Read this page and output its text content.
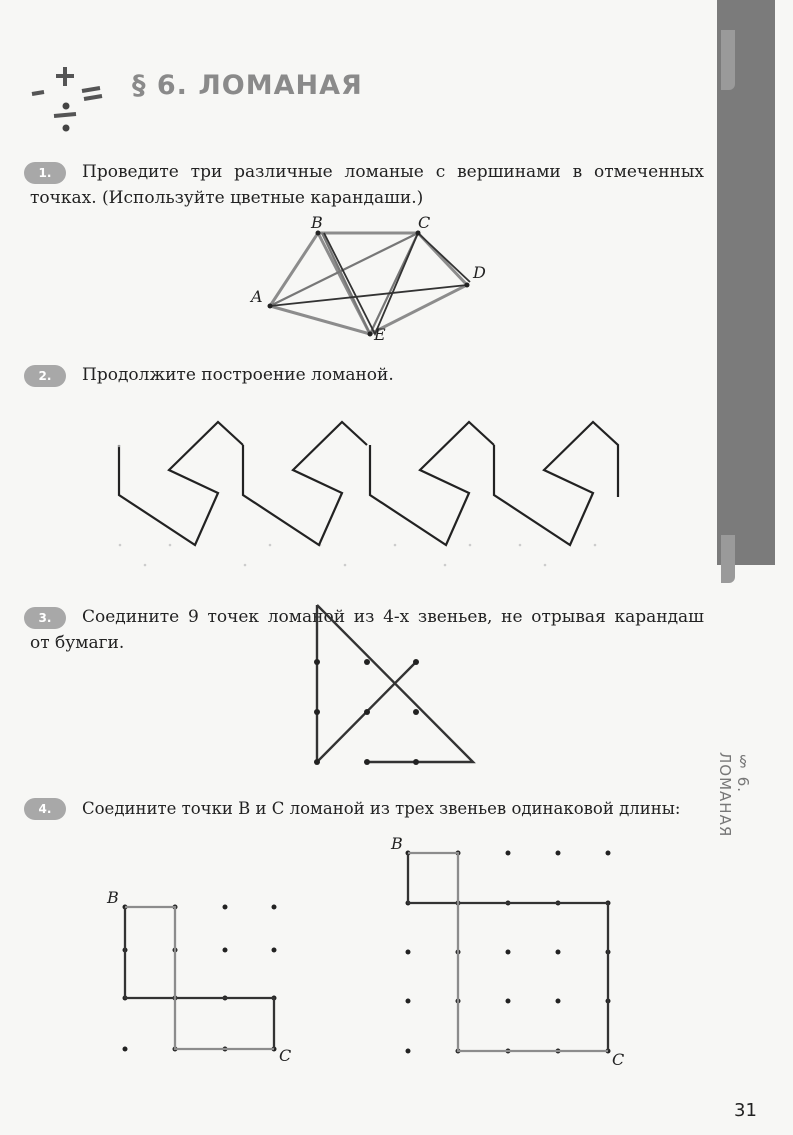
§ 6. ЛОМАНАЯ
§ 6. ЛОМАНАЯ
1.	Проведите три различные ломаные с вершинами в отмеченных
точках. (Используйте цветные карандаши.)
A
B	C
D
E
2.	Продолжите построение ломаной.
3.	Соедините 9 точек ломаной из 4-х звеньев, не отрывая карандаш
от бумаги.
4.	Соедините точки B и C ломаной из трех звеньев одинаковой длины:
B
C
B
C
31
